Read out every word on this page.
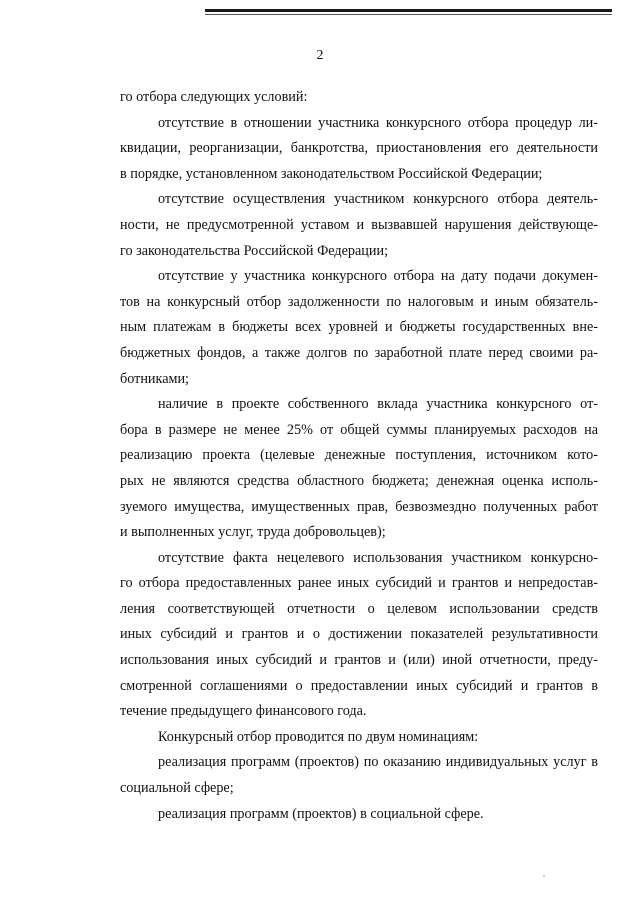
2
го отбора следующих условий:
отсутствие в отношении участника конкурсного отбора процедур ли-
квидации, реорганизации, банкротства, приостановления его деятельности
в порядке, установленном законодательством Российской Федерации;
отсутствие осуществления участником конкурсного отбора деятель-
ности, не предусмотренной уставом и вызвавшей нарушения действующе-
го законодательства Российской Федерации;
отсутствие у участника конкурсного отбора на дату подачи докумен-
тов на конкурсный отбор задолженности по налоговым и иным обязатель-
ным платежам в бюджеты всех уровней и бюджеты государственных вне-
бюджетных фондов, а также долгов по заработной плате перед своими ра-
ботниками;
наличие в проекте собственного вклада участника конкурсного от-
бора в размере не менее 25% от общей суммы планируемых расходов на
реализацию проекта (целевые денежные поступления, источником кото-
рых не являются средства областного бюджета; денежная оценка исполь-
зуемого имущества, имущественных прав, безвозмездно полученных работ
и выполненных услуг, труда добровольцев);
отсутствие факта нецелевого использования участником конкурсно-
го отбора предоставленных ранее иных субсидий и грантов и непредостав-
ления соответствующей отчетности о целевом использовании средств
иных субсидий и грантов и о достижении показателей результативности
использования иных субсидий и грантов и (или) иной отчетности, преду-
смотренной соглашениями о предоставлении иных субсидий и грантов в
течение предыдущего финансового года.
Конкурсный отбор проводится по двум номинациям:
реализация программ (проектов) по оказанию индивидуальных услуг в
социальной сфере;
реализация программ (проектов) в социальной сфере.
